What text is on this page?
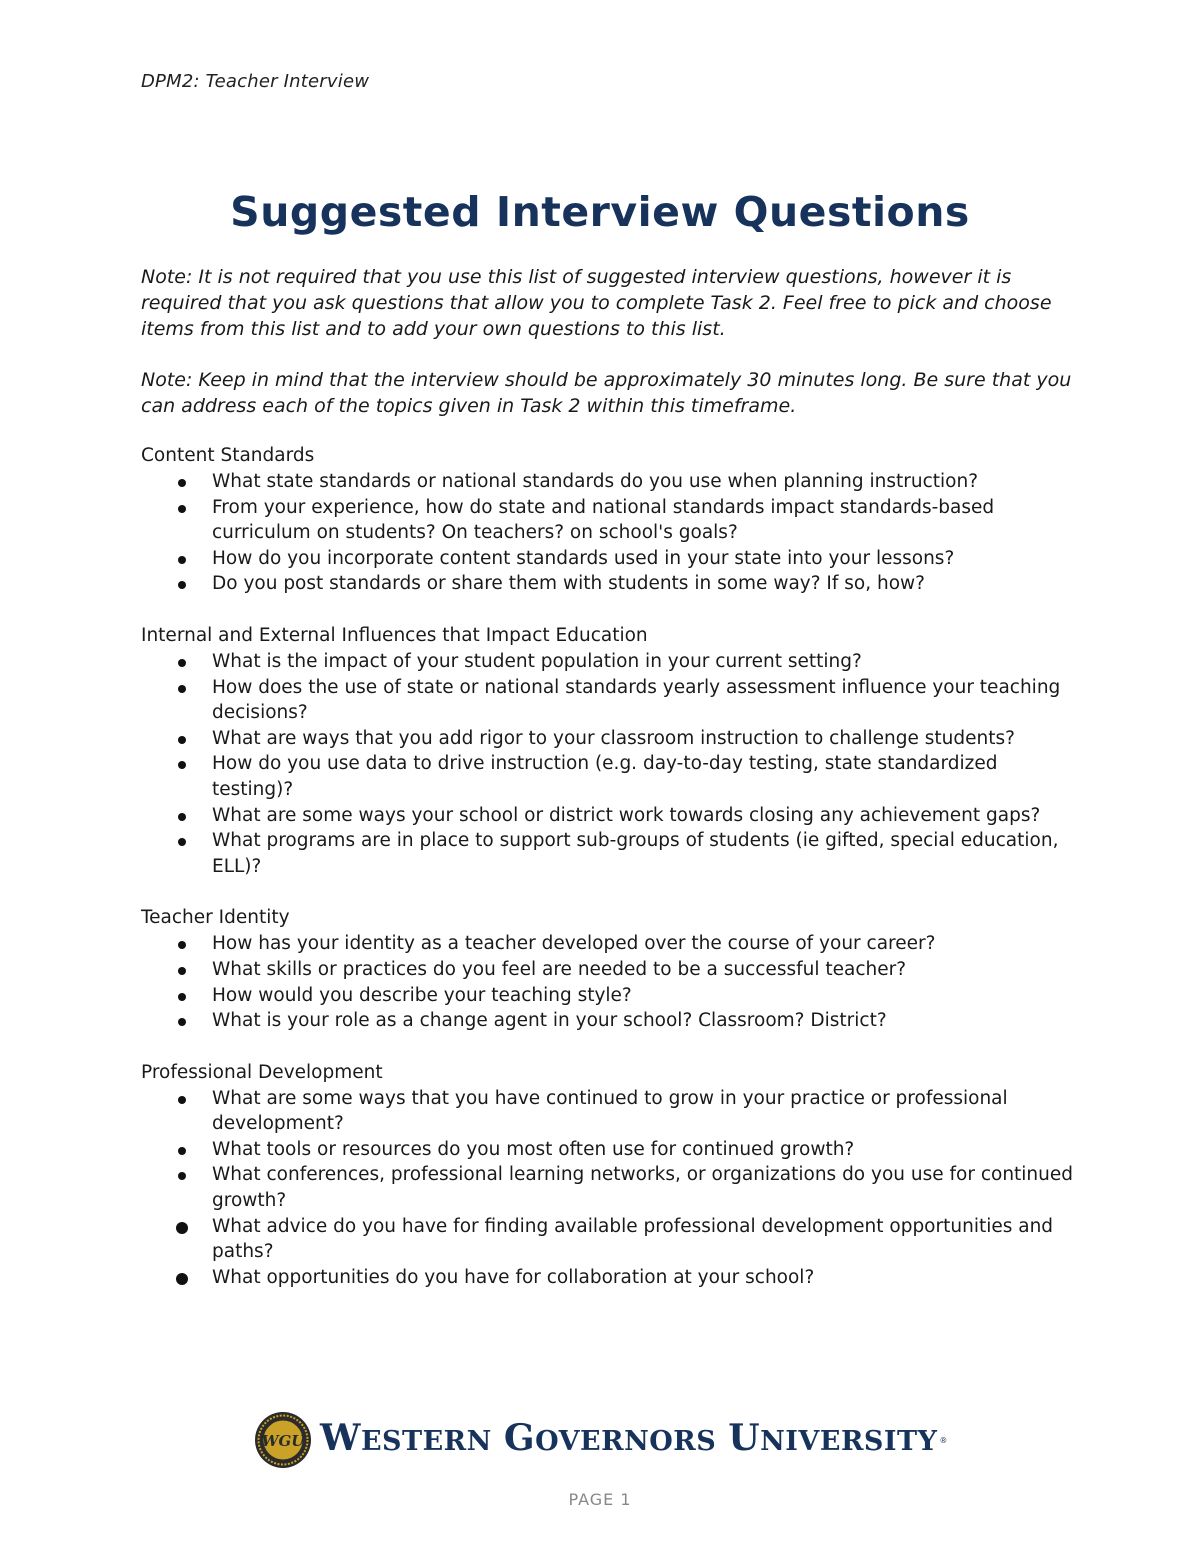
DPM2: Teacher Interview
Suggested Interview Questions

Note: It is not required that you use this list of suggested interview questions, however it is required that you ask questions that allow you to complete Task 2. Feel free to pick and choose items from this list and to add your own questions to this list.

Note: Keep in mind that the interview should be approximately 30 minutes long. Be sure that you can address each of the topics given in Task 2 within this timeframe.

Content Standards
What state standards or national standards do you use when planning instruction?
From your experience, how do state and national standards impact standards-based curriculum on students? On teachers? on school's goals?
How do you incorporate content standards used in your state into your lessons?
Do you post standards or share them with students in some way? If so, how?
Internal and External Influences that Impact Education
What is the impact of your student population in your current setting?
How does the use of state or national standards yearly assessment influence your teaching decisions?
What are ways that you add rigor to your classroom instruction to challenge students?
How do you use data to drive instruction (e.g. day-to-day testing, state standardized testing)?
What are some ways your school or district work towards closing any achievement gaps?
What programs are in place to support sub-groups of students (ie gifted, special education, ELL)?
Teacher Identity
How has your identity as a teacher developed over the course of your career?
What skills or practices do you feel are needed to be a successful teacher?
How would you describe your teaching style?
What is your role as a change agent in your school? Classroom? District?
Professional Development
What are some ways that you have continued to grow in your practice or professional development?
What tools or resources do you most often use for continued growth?
What conferences, professional learning networks, or organizations do you use for continued growth?
What advice do you have for finding available professional development opportunities and paths?
What opportunities do you have for collaboration at your school?
WGU W ESTERN G OVERNORS U NIVERSITY ®
PAGE 1
